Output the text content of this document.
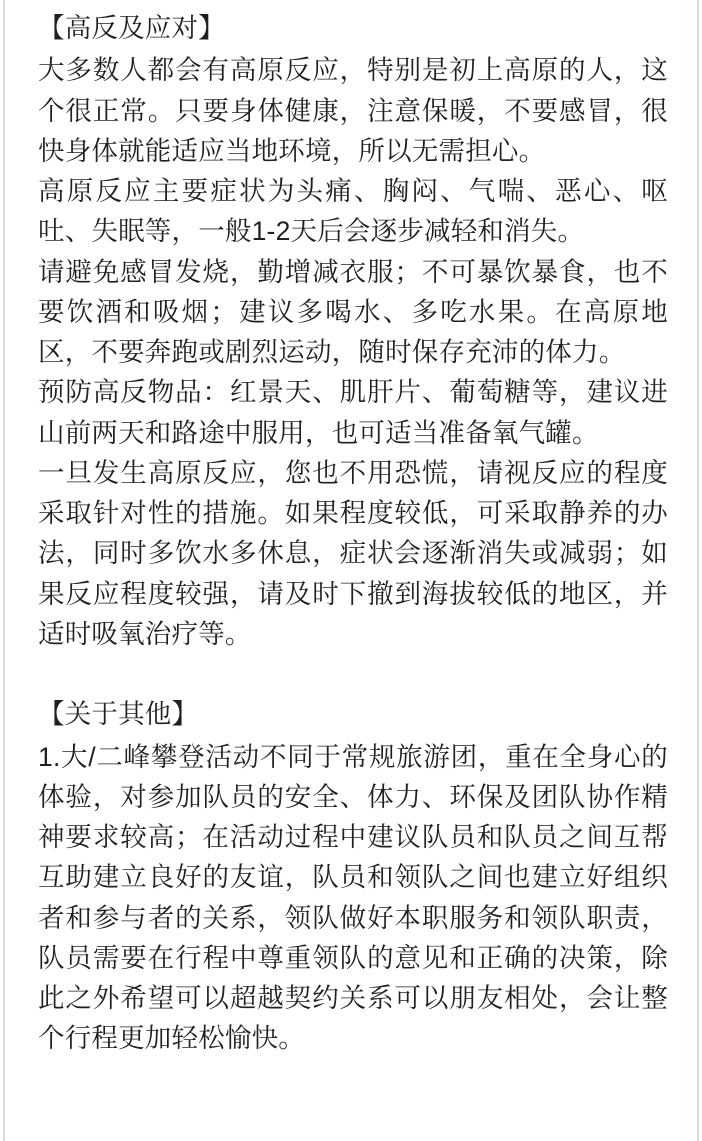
【高反及应对】

大多数人都会有高原反应，特别是初上高原的人，这个很正常。只要身体健康，注意保暖，不要感冒，很快身体就能适应当地环境，所以无需担心。

高原反应主要症状为头痛、胸闷、气喘、恶心、呕吐、失眠等，一般1-2天后会逐步减轻和消失。

请避免感冒发烧，勤增减衣服；不可暴饮暴食，也不要饮酒和吸烟；建议多喝水、多吃水果。在高原地区，不要奔跑或剧烈运动，随时保存充沛的体力。

预防高反物品：红景天、肌肝片、葡萄糖等，建议进山前两天和路途中服用，也可适当准备氧气罐。

一旦发生高原反应，您也不用恐慌，请视反应的程度采取针对性的措施。如果程度较低，可采取静养的办法，同时多饮水多休息，症状会逐渐消失或减弱；如果反应程度较强，请及时下撤到海拔较低的地区，并适时吸氧治疗等。

【关于其他】

1.大/二峰攀登活动不同于常规旅游团，重在全身心的体验，对参加队员的安全、体力、环保及团队协作精神要求较高；在活动过程中建议队员和队员之间互帮互助建立良好的友谊，队员和领队之间也建立好组织者和参与者的关系，领队做好本职服务和领队职责，队员需要在行程中尊重领队的意见和正确的决策，除此之外希望可以超越契约关系可以朋友相处，会让整个行程更加轻松愉快。
